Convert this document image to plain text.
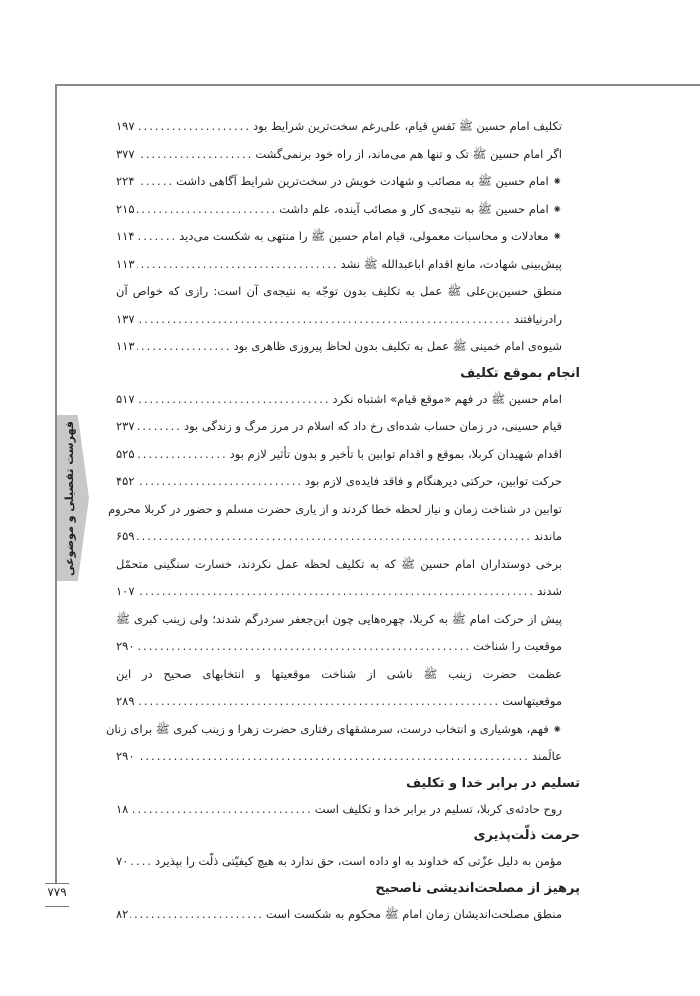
فهرست تفصیلی و موضوعی
۷۷۹
تکلیف امام حسین ﷺ نَفسِ قیام، علی‌رغم سخت‌ترین شرایط بود
.....
۱۹۷
اگر امام حسین ﷺ تک و تنها هم می‌ماند، از راه خود برنمی‌گشت
.....
۳۷۷
⁕ امام حسین ﷺ به مصائب و شهادت خویش در سخت‌ترین شرایط آگاهی داشت
.....
۲۲۴
⁕ امام حسین ﷺ به نتیجه‌ی کار و مصائب آینده، علم داشت
.....
۲۱۵
⁕ معادلات و محاسبات معمولی، قیام امام حسین ﷺ را منتهی به شکست می‌دید
.....
۱۱۴
پیش‌بینی شهادت، مانع اقدام اباعبدالله ﷺ نشد
.....
۱۱۳
منطق حسین‌بن‌علی ﷺ عمل به تکلیف بدون توجّه به نتیجه‌ی آن است: رازی که خواص آن
رادرنیافتند
.....
۱۳۷
شیوه‌ی امام خمینی ﷺ عمل به تکلیف بدون لحاظ پیروزی ظاهری بود
.....
۱۱۳
انجام بموقع تکلیف
امام حسین ﷺ در فهم «موقع قیام» اشتباه نکرد
.....
۵۱۷
قیام حسینی، در زمان حساب شده‌ای رخ داد که اسلام در مرز مرگ و زندگی بود
.....
۲۳۷
اقدام شهیدان کربلا، بموقع و اقدام توابین با تأخیر و بدون تأثیر لازم بود
.....
۵۲۵
حرکت توابین، حرکتی دیرهنگام و فاقد فایده‌ی لازم بود
.....
۴۵۲
توابین در شناخت زمان و نیاز لحظه خطا کردند و از یاری حضرت مسلم و حضور در کربلا محروم
ماندند
.....
۶۵۹
برخی دوستداران امام حسین ﷺ که به تکلیف لحظه عمل نکردند، خسارت سنگینی متحمّل
شدند
.....
۱۰۷
پیش از حرکت امام ﷺ به کربلا، چهره‌هایی چون ابن‌جعفر سردرگم شدند؛ ولی زینب کبری ﷺ
موقعیت را شناخت
.....
۲۹۰
عظمت حضرت زینب ﷺ ناشی از شناخت موقعیتها و انتخابهای صحیح در این
موقعیتهاست
.....
۲۸۹
⁕ فهم، هوشیاری و انتخاب درست، سرمشقهای رفتاری حضرت زهرا و زینب کبری ﷺ برای زنان
عالَمند
.....
۲۹۰
تسلیم در برابر خدا و تکلیف
روح حادثه‌ی کربلا، تسلیم در برابر خدا و تکلیف است
.....
۱۸
حرمت ذلّت‌پذیری
مؤمن به دلیل عزّتی که خداوند به او داده است، حق ندارد به هیچ کیفیّتی ذلّت را بپذیرد
.....
۷۰
پرهیز از مصلحت‌اندیشی ناصحیح
منطق مصلحت‌اندیشان زمان امام ﷺ محکوم به شکست است
.....
۸۲
